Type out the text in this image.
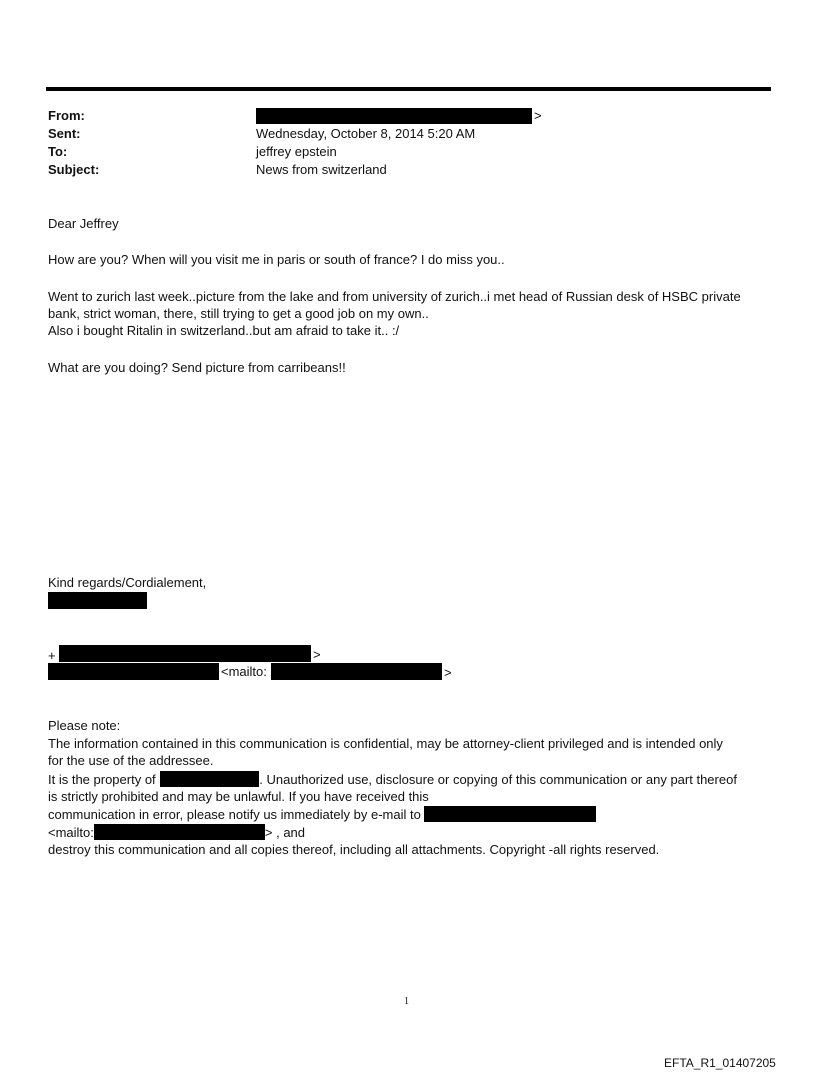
From:	>
Sent:	Wednesday, October 8, 2014 5:20 AM
To:	jeffrey epstein
Subject:	News from switzerland
Dear Jeffrey
How are you? When will you visit me in paris or south of france? I do miss you..
Went to zurich last week..picture from the lake and from university of zurich..i met head of Russian desk of HSBC private
bank, strict woman, there, still trying to get a good job on my own..
Also i bought Ritalin in switzerland..but am afraid to take it.. :/
What are you doing? Send picture from carribeans!!
Kind regards/Cordialement,
+	>
<mailto:	>
Please note:
The information contained in this communication is confidential, may be attorney-client privileged and is intended only
for the use of the addressee.
It is the property of	. Unauthorized use, disclosure or copying of this communication or any part thereof
is strictly prohibited and may be unlawful. If you have received this
communication in error, please notify us immediately by e-mail to
<mailto:	> , and
destroy this communication and all copies thereof, including all attachments. Copyright -all rights reserved.
1
EFTA_R1_01407205
